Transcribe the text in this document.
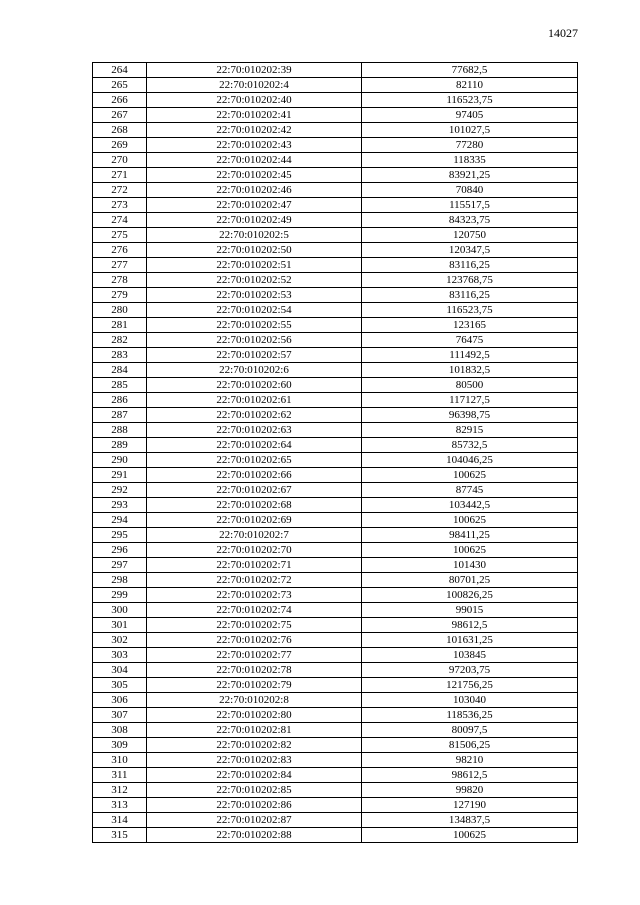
14027
264	22:70:010202:39	77682,5
265	22:70:010202:4	82110
266	22:70:010202:40	116523,75
267	22:70:010202:41	97405
268	22:70:010202:42	101027,5
269	22:70:010202:43	77280
270	22:70:010202:44	118335
271	22:70:010202:45	83921,25
272	22:70:010202:46	70840
273	22:70:010202:47	115517,5
274	22:70:010202:49	84323,75
275	22:70:010202:5	120750
276	22:70:010202:50	120347,5
277	22:70:010202:51	83116,25
278	22:70:010202:52	123768,75
279	22:70:010202:53	83116,25
280	22:70:010202:54	116523,75
281	22:70:010202:55	123165
282	22:70:010202:56	76475
283	22:70:010202:57	111492,5
284	22:70:010202:6	101832,5
285	22:70:010202:60	80500
286	22:70:010202:61	117127,5
287	22:70:010202:62	96398,75
288	22:70:010202:63	82915
289	22:70:010202:64	85732,5
290	22:70:010202:65	104046,25
291	22:70:010202:66	100625
292	22:70:010202:67	87745
293	22:70:010202:68	103442,5
294	22:70:010202:69	100625
295	22:70:010202:7	98411,25
296	22:70:010202:70	100625
297	22:70:010202:71	101430
298	22:70:010202:72	80701,25
299	22:70:010202:73	100826,25
300	22:70:010202:74	99015
301	22:70:010202:75	98612,5
302	22:70:010202:76	101631,25
303	22:70:010202:77	103845
304	22:70:010202:78	97203,75
305	22:70:010202:79	121756,25
306	22:70:010202:8	103040
307	22:70:010202:80	118536,25
308	22:70:010202:81	80097,5
309	22:70:010202:82	81506,25
310	22:70:010202:83	98210
311	22:70:010202:84	98612,5
312	22:70:010202:85	99820
313	22:70:010202:86	127190
314	22:70:010202:87	134837,5
315	22:70:010202:88	100625
